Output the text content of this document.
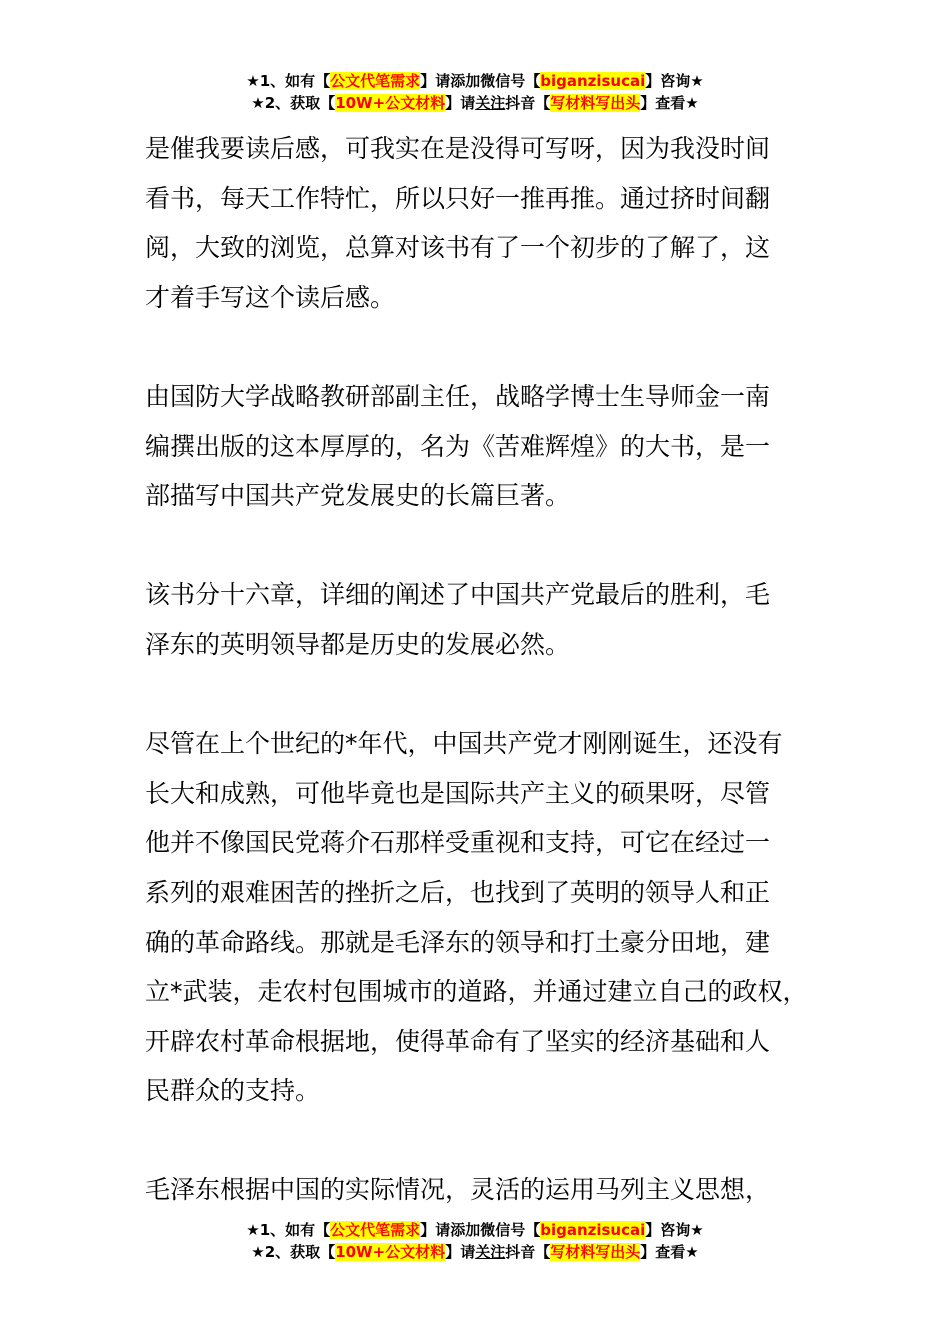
★1、如有【公文代笔需求】请添加微信号【biganzisucai】咨询★
★2、获取【10W+公文材料】请关注抖音【写材料写出头】查看★
是催我要读后感，可我实在是没得可写呀，因为我没时间
看书，每天工作特忙，所以只好一推再推。通过挤时间翻
阅，大致的浏览，总算对该书有了一个初步的了解了，这
才着手写这个读后感。
由国防大学战略教研部副主任，战略学博士生导师金一南
编撰出版的这本厚厚的，名为《苦难辉煌》的大书，是一
部描写中国共产党发展史的长篇巨著。
该书分十六章，详细的阐述了中国共产党最后的胜利，毛
泽东的英明领导都是历史的发展必然。
尽管在上个世纪的*年代，中国共产党才刚刚诞生，还没有
长大和成熟，可他毕竟也是国际共产主义的硕果呀，尽管
他并不像国民党蒋介石那样受重视和支持，可它在经过一
系列的艰难困苦的挫折之后，也找到了英明的领导人和正
确的革命路线。那就是毛泽东的领导和打土豪分田地，建
立*武装，走农村包围城市的道路，并通过建立自己的政权，
开辟农村革命根据地，使得革命有了坚实的经济基础和人
民群众的支持。
毛泽东根据中国的实际情况，灵活的运用马列主义思想，
★1、如有【公文代笔需求】请添加微信号【biganzisucai】咨询★
★2、获取【10W+公文材料】请关注抖音【写材料写出头】查看★
